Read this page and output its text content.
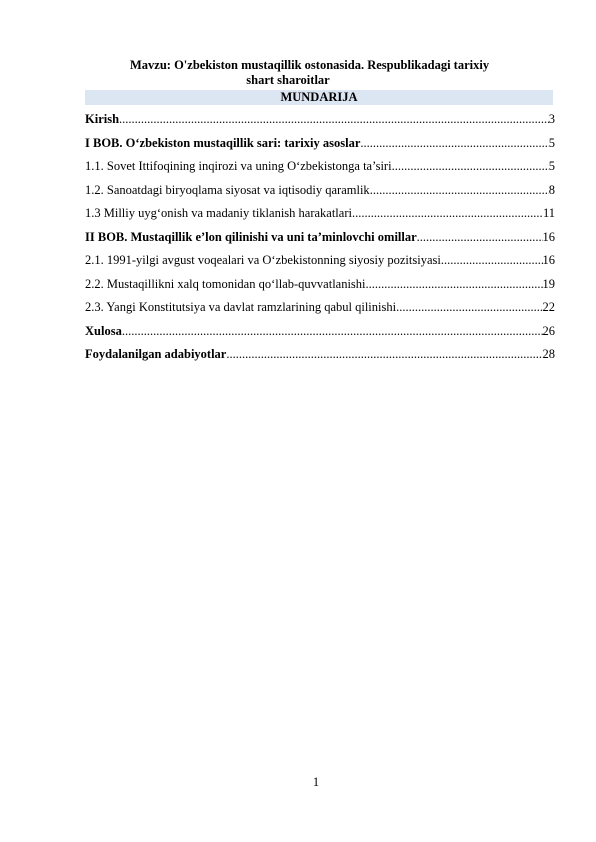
Mavzu: O'zbekiston mustaqillik ostonasida. Respublikadagi tarixiy
shart sharoitlar
MUNDARIJA
Kirish .....	3
I BOB. O‘zbekiston mustaqillik sari: tarixiy asoslar .....	5
1.1. Sovet Ittifoqining inqirozi va uning O‘zbekistonga ta’siri .....	5
1.2. Sanoatdagi biryoqlama siyosat va iqtisodiy qaramlik .....	8
1.3 Milliy uyg‘onish va madaniy tiklanish harakatlari .....	11
II BOB. Mustaqillik e’lon qilinishi va uni ta’minlovchi omillar .....	16
2.1. 1991-yilgi avgust voqealari va O‘zbekistonning siyosiy pozitsiyasi .....	16
2.2. Mustaqillikni xalq tomonidan qo‘llab-quvvatlanishi .....	19
2.3. Yangi Konstitutsiya va davlat ramzlarining qabul qilinishi .....	22
Xulosa .....	26
Foydalanilgan adabiyotlar .....	28
1
